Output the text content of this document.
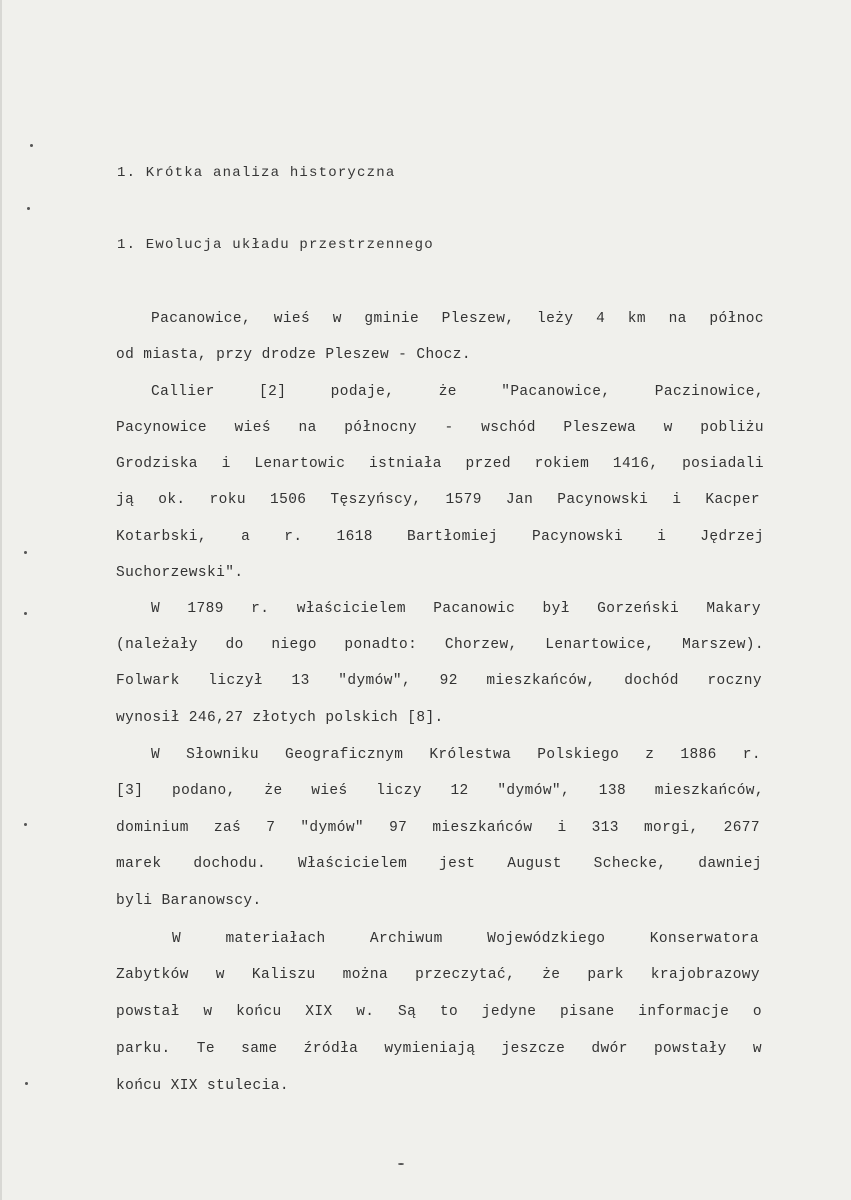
1. Krótka analiza historyczna
1. Ewolucja układu przestrzennego
Pacanowice, wieś w gminie Pleszew, leży 4 km na północ
od miasta, przy drodze Pleszew - Chocz.
Callier [2] podaje, że "Pacanowice, Paczinowice,
Pacynowice wieś na północny - wschód Pleszewa w pobliżu
Grodziska i Lenartowic istniała przed rokiem 1416, posiadali
ją ok. roku 1506 Tęszyńscy, 1579 Jan Pacynowski i Kacper
Kotarbski, a r. 1618 Bartłomiej Pacynowski i Jędrzej
Suchorzewski".
W 1789 r. właścicielem Pacanowic był Gorzeński Makary
(należały do niego ponadto: Chorzew, Lenartowice, Marszew).
Folwark liczył 13 "dymów", 92 mieszkańców, dochód roczny
wynosił 246,27 złotych polskich [8].
W Słowniku Geograficznym Królestwa Polskiego z 1886 r.
[3] podano, że wieś liczy 12 "dymów", 138 mieszkańców,
dominium zaś 7 "dymów" 97 mieszkańców i 313 morgi, 2677
marek dochodu. Właścicielem jest August Schecke, dawniej
byli Baranowscy.
W materiałach Archiwum Wojewódzkiego Konserwatora
Zabytków w Kaliszu można przeczytać, że park krajobrazowy
powstał w końcu XIX w. Są to jedyne pisane informacje o
parku. Te same źródła wymieniają jeszcze dwór powstały w
końcu XIX stulecia.
